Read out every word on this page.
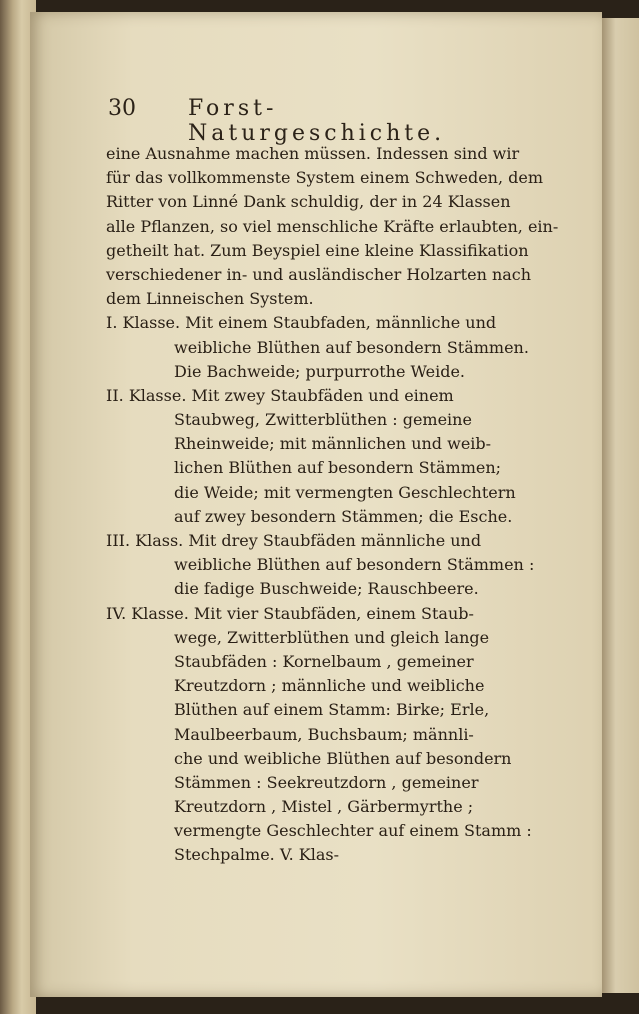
30 Forst-Naturgeschichte.
eine Ausnahme machen müssen. Indessen sind wir
für das vollkommenste System einem Schweden, dem
Ritter von Linné Dank schuldig, der in 24 Klassen
alle Pflanzen, so viel menschliche Kräfte erlaubten, ein-
getheilt hat. Zum Beyspiel eine kleine Klassifikation
verschiedener in- und ausländischer Holzarten nach
dem Linneischen System.
I. Klasse. Mit einem Staubfaden, männliche und
weibliche Blüthen auf besondern Stämmen.
Die Bachweide; purpurrothe Weide.
II. Klasse. Mit zwey Staubfäden und einem
Staubweg, Zwitterblüthen : gemeine
Rheinweide; mit männlichen und weib-
lichen Blüthen auf besondern Stämmen;
die Weide; mit vermengten Geschlechtern
auf zwey besondern Stämmen; die Esche.
III. Klass. Mit drey Staubfäden männliche und
weibliche Blüthen auf besondern Stämmen :
die fadige Buschweide; Rauschbeere.
IV. Klasse. Mit vier Staubfäden, einem Staub-
wege, Zwitterblüthen und gleich lange
Staubfäden : Kornelbaum , gemeiner
Kreutzdorn ; männliche und weibliche
Blüthen auf einem Stamm: Birke; Erle,
Maulbeerbaum, Buchsbaum; männli-
che und weibliche Blüthen auf besondern
Stämmen : Seekreutzdorn , gemeiner
Kreutzdorn , Mistel , Gärbermyrthe ;
vermengte Geschlechter auf einem Stamm :
Stechpalme. V. Klas-
